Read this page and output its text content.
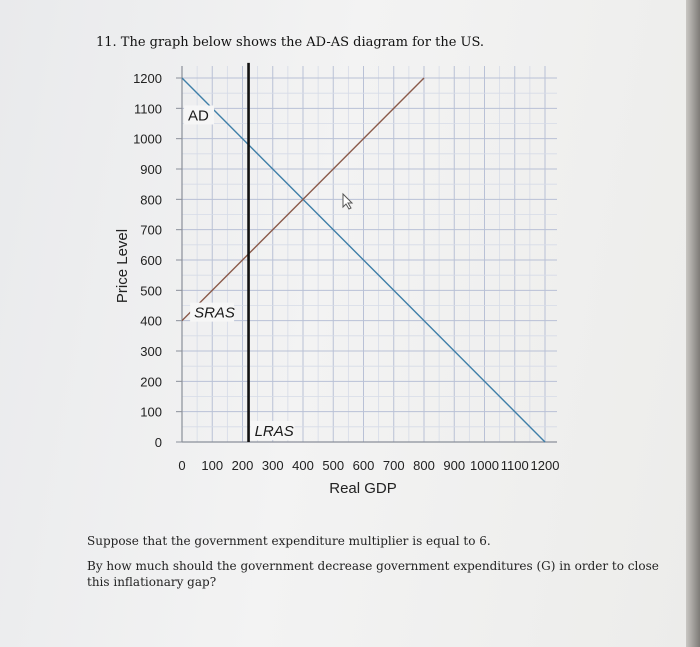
11. The graph below shows the AD-AS diagram for the US.
0
100
200
300
400
500
600
700
800
900
1000
1100
1200
0 100 200 300 400 500 600 700 800 900 1000 1100 1200
AD
SRAS
LRAS
Price Level
Real GDP
Suppose that the government expenditure multiplier is equal to 6.
By how much should the government decrease government expenditures (G) in order to close this inflationary gap?
